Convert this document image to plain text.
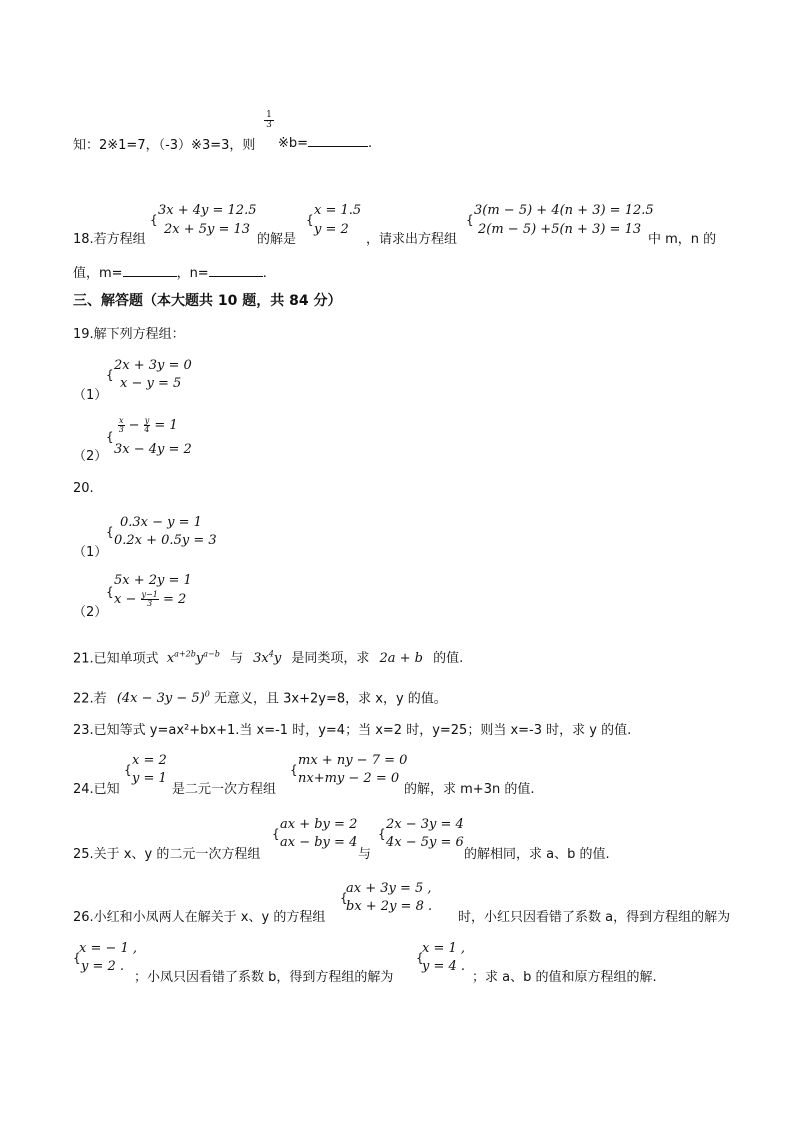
知：2※1=7，（-3）※3=3，则
$\frac{1}{3}$
※b=	.
18.若方程组
{
3x + 4y = 12.5
2x + 5y = 13
的解是
{
x = 1.5
y = 2
，请求出方程组
{
3(m − 5) + 4(n + 3) = 12.5
2(m − 5) +5(n + 3) = 13
中 m，n 的
值，m=	，n=	.
三、解答题（本大题共 10 题，共 84 分）
19.解下列方程组：
（1）
{
2x + 3y = 0
x − y = 5
（2）
{
$\frac{x}{3} - \frac{y}{4} = 1$
3x − 4y = 2
20.
（1）
{
0.3x − y = 1
0.2x + 0.5y = 3
（2）
{
5x + 2y = 1
$x - \frac{y-1}{3} = 2$
21.已知单项式 $x^{a+2b}y^{a-b}$ 与 $3x^4y$ 是同类项，求 2a + b 的值.
22.若 $(4x - 3y - 5)^0$ 无意义，且 3x+2y=8，求 x，y 的值。
23.已知等式 y=ax²+bx+1.当 x=-1 时，y=4；当 x=2 时，y=25；则当 x=-3 时，求 y 的值.
24.已知
{
x = 2
y = 1
是二元一次方程组
{
mx + ny − 7 = 0
nx+my − 2 = 0
的解，求 m+3n 的值.
25.关于 x、y 的二元一次方程组
{
ax + by = 2
ax − by = 4
与
{
2x − 3y = 4
4x − 5y = 6
的解相同，求 a、b 的值.
26.小红和小凤两人在解关于 x、y 的方程组
{
ax + 3y = 5 ,
bx + 2y = 8 .
时，小红只因看错了系数 a，得到方程组的解为
{
x = − 1 ,
y = 2 .
；小凤只因看错了系数 b，得到方程组的解为
{
x = 1 ,
y = 4 .
；求 a、b 的值和原方程组的解.
